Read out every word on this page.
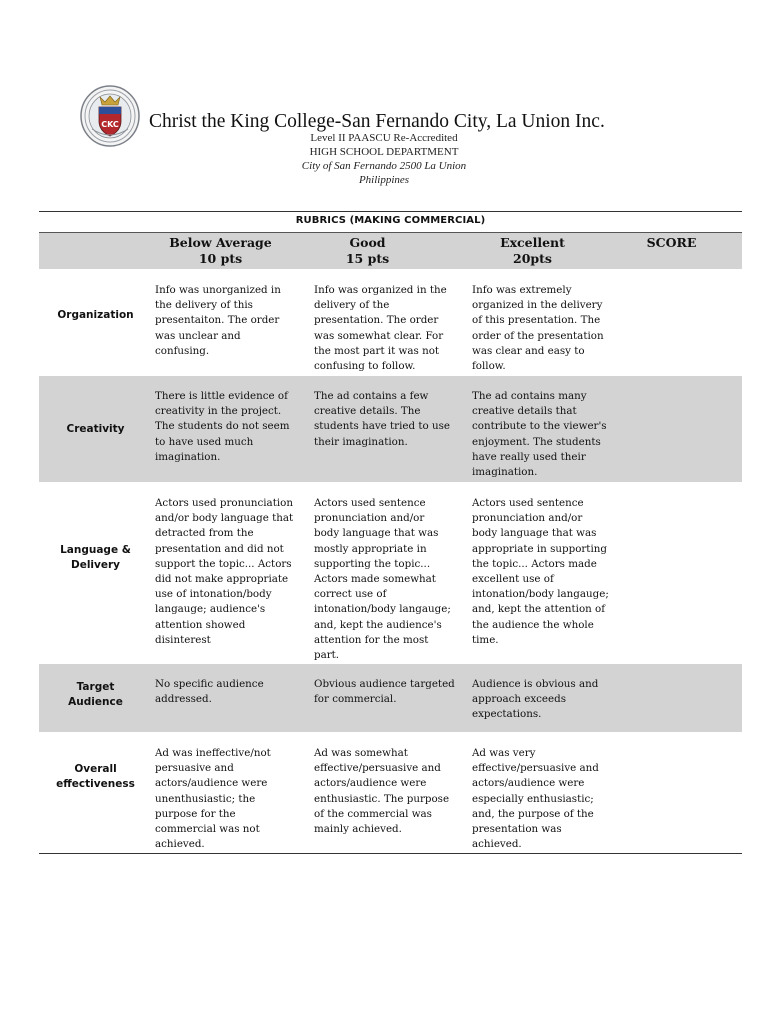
CKC Christ the King College-San Fernando City, La Union Inc.
Level II PAASCU Re-Accredited
HIGH SCHOOL DEPARTMENT
City of San Fernando 2500 La Union
Philippines
RUBRICS (MAKING COMMERCIAL)
Below Average
10 pts
Good
15 pts
Excellent
20pts
SCORE
Organization
Info was unorganized in
the delivery of this
presentaiton. The order
was unclear and
confusing.
Info was organized in the
delivery of the
presentation. The order
was somewhat clear. For
the most part it was not
confusing to follow.
Info was extremely
organized in the delivery
of this presentation. The
order of the presentation
was clear and easy to
follow.
Creativity
There is little evidence of
creativity in the project.
The students do not seem
to have used much
imagination.
The ad contains a few
creative details. The
students have tried to use
their imagination.
The ad contains many
creative details that
contribute to the viewer's
enjoyment. The students
have really used their
imagination.
Language &
Delivery
Actors used pronunciation
and/or body language that
detracted from the
presentation and did not
support the topic... Actors
did not make appropriate
use of intonation/body
langauge; audience's
attention showed
disinterest
Actors used sentence
pronunciation and/or
body language that was
mostly appropriate in
supporting the topic...
Actors made somewhat
correct use of
intonation/body langauge;
and, kept the audience's
attention for the most
part.
Actors used sentence
pronunciation and/or
body language that was
appropriate in supporting
the topic... Actors made
excellent use of
intonation/body langauge;
and, kept the attention of
the audience the whole
time.
Target
Audience
No specific audience
addressed.
Obvious audience targeted
for commercial.
Audience is obvious and
approach exceeds
expectations.
Overall
effectiveness
Ad was ineffective/not
persuasive and
actors/audience were
unenthusiastic; the
purpose for the
commercial was not
achieved.
Ad was somewhat
effective/persuasive and
actors/audience were
enthusiastic. The purpose
of the commercial was
mainly achieved.
Ad was very
effective/persuasive and
actors/audience were
especially enthusiastic;
and, the purpose of the
presentation was
achieved.
